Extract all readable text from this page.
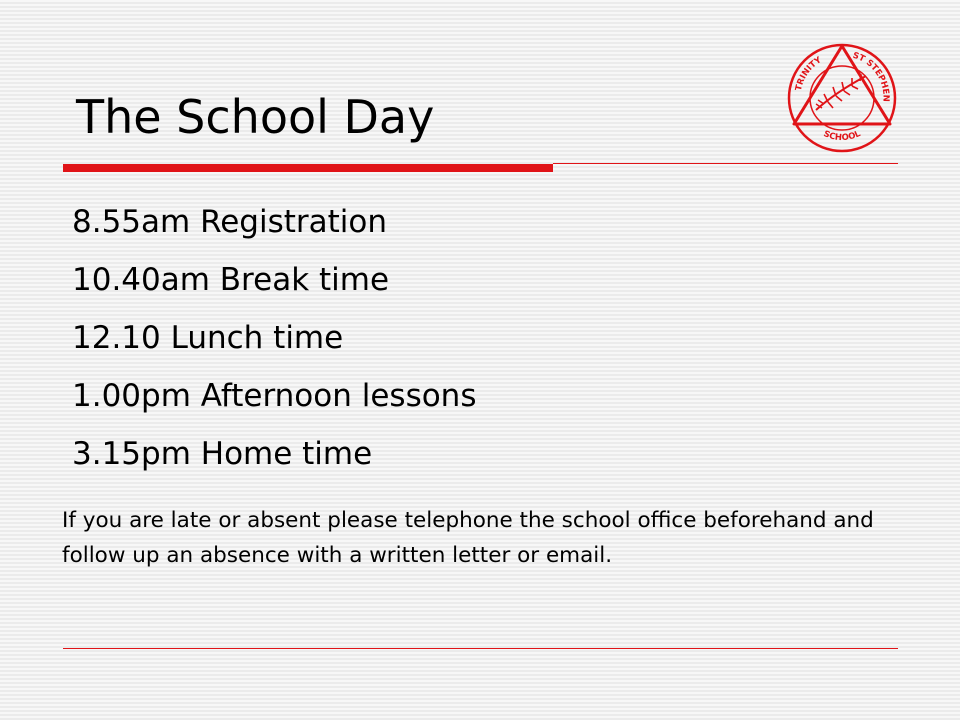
The School Day
TRINITY	ST STEPHEN
SCHOOL
8.55am Registration
10.40am Break time
12.10 Lunch time
1.00pm Afternoon lessons
3.15pm Home time
If you are late or absent please telephone the school office beforehand and follow up an absence with a written letter or email.
